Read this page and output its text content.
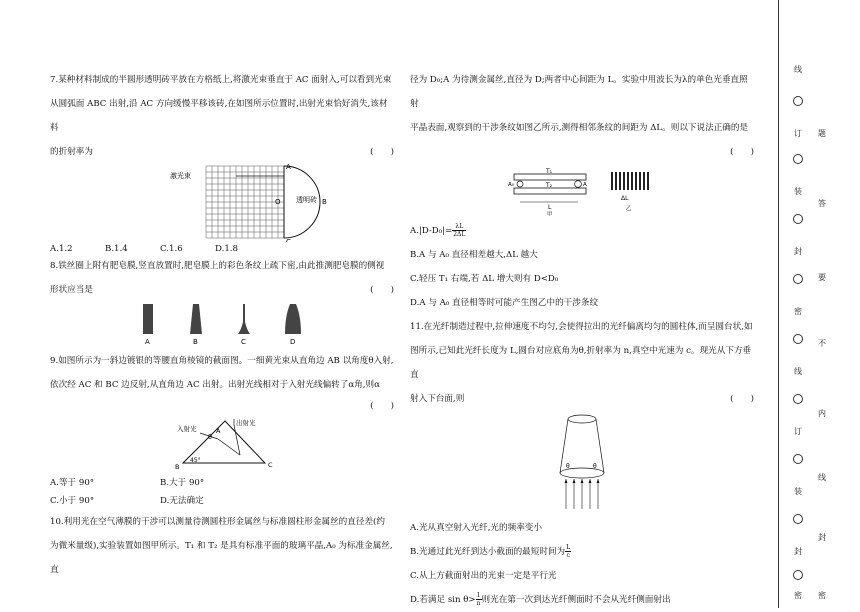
7.某种材料制成的半圆形透明砖平放在方格纸上,将激光束垂直于 AC 面射入,可以看到光束

从圆弧面 ABC 出射,沿 AC 方向缓慢平移该砖,在如图所示位置时,出射光束恰好消失,该材料

的折射率为	(　　)

激光束
透明砖
A
B
C
O
A.1.2	B.1.4	C.1.6	D.1.8

8.铁丝圈上附有肥皂膜,竖直放置时,肥皂膜上的彩色条纹上疏下密,由此推测肥皂膜的侧视

形状应当是	(　　)

A	B	C	D

9.如图所示为一斜边镀银的等腰直角棱镜的截面图。一细黄光束从直角边 AB 以角度θ入射,

依次经 AC 和 BC 边反射,从直角边 AC 出射。出射光线相对于入射光线偏转了α角,则α

(　　)

入射光
出射光
A
B	C
θ
45°
A.等于 90°	B.大于 90°
C.小于 90°	D.无法确定

10.利用光在空气薄膜的干涉可以测量待测圆柱形金属丝与标准圆柱形金属丝的直径差(约

为微米量级),实验装置如图甲所示。T₁ 和 T₂ 是具有标准平面的玻璃平晶,A₀ 为标准金属丝,直

径为 D₀;A 为待测金属丝,直径为 D;两者中心间距为 L。实验中用波长为λ的单色光垂直照射

平晶表面,观察到的干涉条纹如图乙所示,测得相邻条纹的间距为 ΔL。则以下说法正确的是

(　　)

T₁
T₂
L
甲
A₀	A
ΔL
乙

$A.|D-D_0|= \frac{\lambda L}{2\Delta L}$

B.A 与 A₀ 直径相差越大,ΔL 越大

C.轻压 T₁ 右端,若 ΔL 增大则有 D<D₀

D.A 与 A₀ 直径相等时可能产生图乙中的干涉条纹

11.在光纤制造过程中,拉伸速度不均匀,会使得拉出的光纤偏离均匀的圆柱体,而呈圆台状,如

图所示,已知此光纤长度为 L,圆台对应底角为θ,折射率为 n,真空中光速为 c。现光从下方垂直

射入下台面,则	(　　)

θ	θ

A.光从真空射入光纤,光的频率变小

B.光通过此光纤到达小截面的最短时间为 $\frac{L}{c}$

C.从上方截面射出的光束一定是平行光

D.若满足 $\sin \theta> \frac{1}{n}$ 则光在第一次到达光纤侧面时不会从光纤侧面射出

线
订
装
封
密
线
订
装
封
密
题
答
要
不
内
线
封
密
